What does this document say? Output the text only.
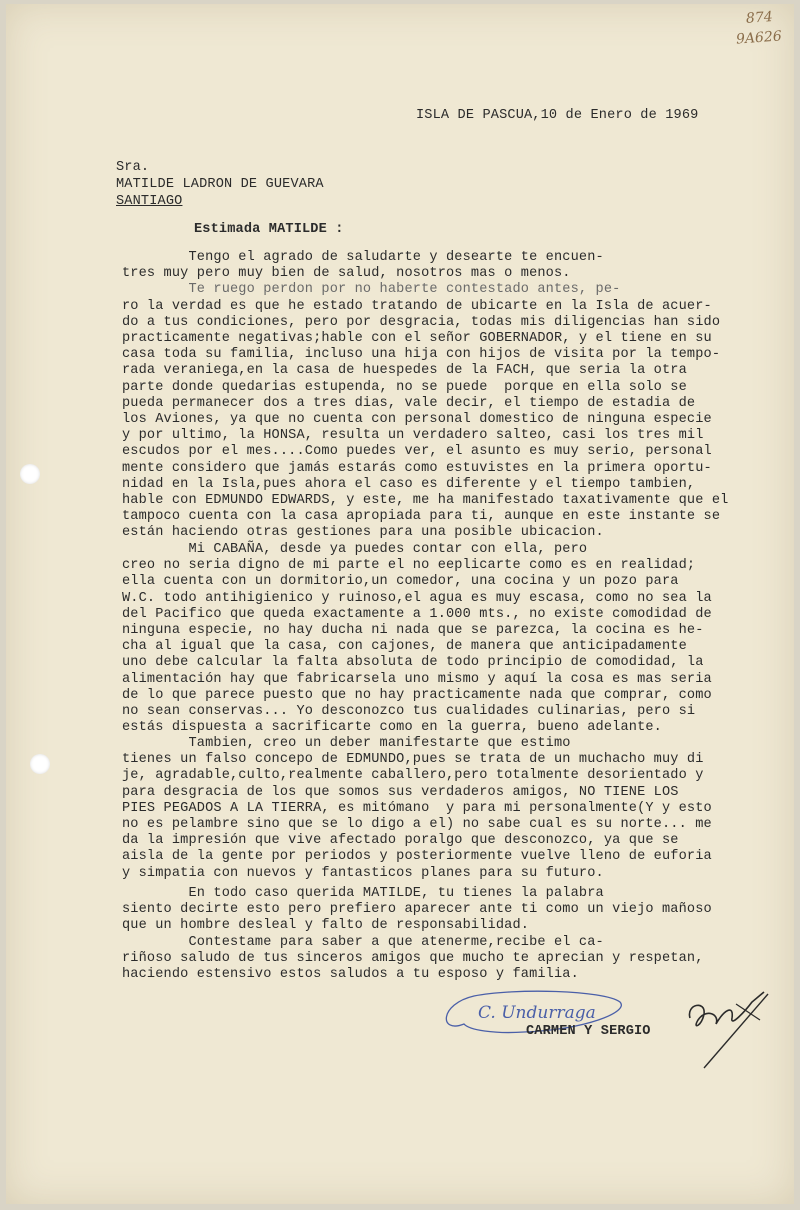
874
9A626
ISLA DE PASCUA,10 de Enero de 1969
Sra.
MATILDE LADRON DE GUEVARA
SANTIAGO
Estimada MATILDE :
Tengo el agrado de saludarte y desearte te encuen-
tres muy pero muy bien de salud, nosotros mas o menos.
Te ruego perdon por no haberte contestado antes, pe-
ro la verdad es que he estado tratando de ubicarte en la Isla de acuer-
do a tus condiciones, pero por desgracia, todas mis diligencias han sido
practicamente negativas;hable con el señor GOBERNADOR, y el tiene en su
casa toda su familia, incluso una hija con hijos de visita por la tempo-
rada veraniega,en la casa de huespedes de la FACH, que seria la otra
parte donde quedarias estupenda, no se puede  porque en ella solo se
pueda permanecer dos a tres dias, vale decir, el tiempo de estadia de
los Aviones, ya que no cuenta con personal domestico de ninguna especie
y por ultimo, la HONSA, resulta un verdadero salteo, casi los tres mil
escudos por el mes....Como puedes ver, el asunto es muy serio, personal
mente considero que jamás estarás como estuvistes en la primera oportu-
nidad en la Isla,pues ahora el caso es diferente y el tiempo tambien,
hable con EDMUNDO EDWARDS, y este, me ha manifestado taxativamente que el
tampoco cuenta con la casa apropiada para ti, aunque en este instante se
están haciendo otras gestiones para una posible ubicacion.
Mi CABAÑA, desde ya puedes contar con ella, pero
creo no seria digno de mi parte el no eeplicarte como es en realidad;
ella cuenta con un dormitorio,un comedor, una cocina y un pozo para
W.C. todo antihigienico y ruinoso,el agua es muy escasa, como no sea la
del Pacifico que queda exactamente a 1.000 mts., no existe comodidad de
ninguna especie, no hay ducha ni nada que se parezca, la cocina es he-
cha al igual que la casa, con cajones, de manera que anticipadamente
uno debe calcular la falta absoluta de todo principio de comodidad, la
alimentación hay que fabricarsela uno mismo y aquí la cosa es mas seria
de lo que parece puesto que no hay practicamente nada que comprar, como
no sean conservas... Yo desconozco tus cualidades culinarias, pero si
estás dispuesta a sacrificarte como en la guerra, bueno adelante.
Tambien, creo un deber manifestarte que estimo
tienes un falso concepo de EDMUNDO,pues se trata de un muchacho muy di
je, agradable,culto,realmente caballero,pero totalmente desorientado y
para desgracia de los que somos sus verdaderos amigos, NO TIENE LOS
PIES PEGADOS A LA TIERRA, es mitómano  y para mi personalmente(Y y esto
no es pelambre sino que se lo digo a el) no sabe cual es su norte... me
da la impresión que vive afectado poralgo que desconozco, ya que se
aisla de la gente por periodos y posteriormente vuelve lleno de euforia
y simpatia con nuevos y fantasticos planes para su futuro.
En todo caso querida MATILDE, tu tienes la palabra
siento decirte esto pero prefiero aparecer ante ti como un viejo mañoso
que un hombre desleal y falto de responsabilidad.
Contestame para saber a que atenerme,recibe el ca-
riñoso saludo de tus sinceros amigos que mucho te aprecian y respetan,
haciendo estensivo estos saludos a tu esposo y familia.
C. Undurraga
CARMEN Y SERGIO
